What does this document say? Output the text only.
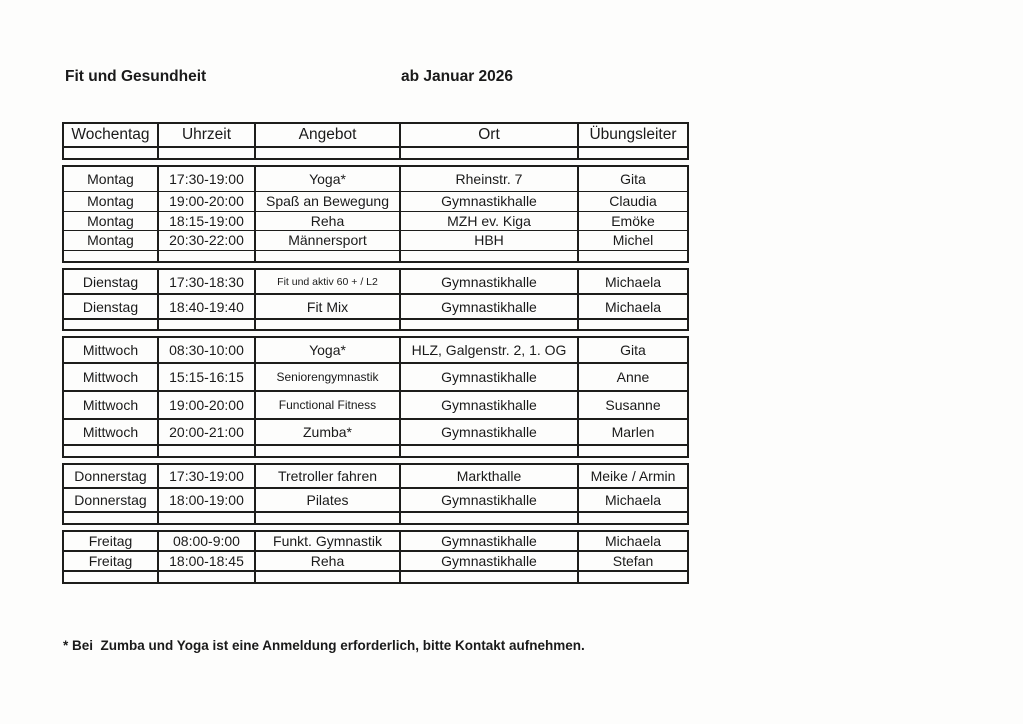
Fit und Gesundheit	ab Januar 2026
Wochentag	Uhrzeit	Angebot	Ort	Übungsleiter

Montag	17:30-19:00	Yoga*	Rheinstr. 7	Gita
Montag	19:00-20:00	Spaß an Bewegung	Gymnastikhalle	Claudia
Montag	18:15-19:00	Reha	MZH ev. Kiga	Emöke
Montag	20:30-22:00	Männersport	HBH	Michel

Dienstag	17:30-18:30	Fit und aktiv 60 + / L2	Gymnastikhalle	Michaela
Dienstag	18:40-19:40	Fit Mix	Gymnastikhalle	Michaela

Mittwoch	08:30-10:00	Yoga*	HLZ, Galgenstr. 2, 1. OG	Gita
Mittwoch	15:15-16:15	Seniorengymnastik	Gymnastikhalle	Anne
Mittwoch	19:00-20:00	Functional Fitness	Gymnastikhalle	Susanne
Mittwoch	20:00-21:00	Zumba*	Gymnastikhalle	Marlen

Donnerstag	17:30-19:00	Tretroller fahren	Markthalle	Meike / Armin
Donnerstag	18:00-19:00	Pilates	Gymnastikhalle	Michaela

Freitag	08:00-9:00	Funkt. Gymnastik	Gymnastikhalle	Michaela
Freitag	18:00-18:45	Reha	Gymnastikhalle	Stefan

* Bei  Zumba und Yoga ist eine Anmeldung erforderlich, bitte Kontakt aufnehmen.
